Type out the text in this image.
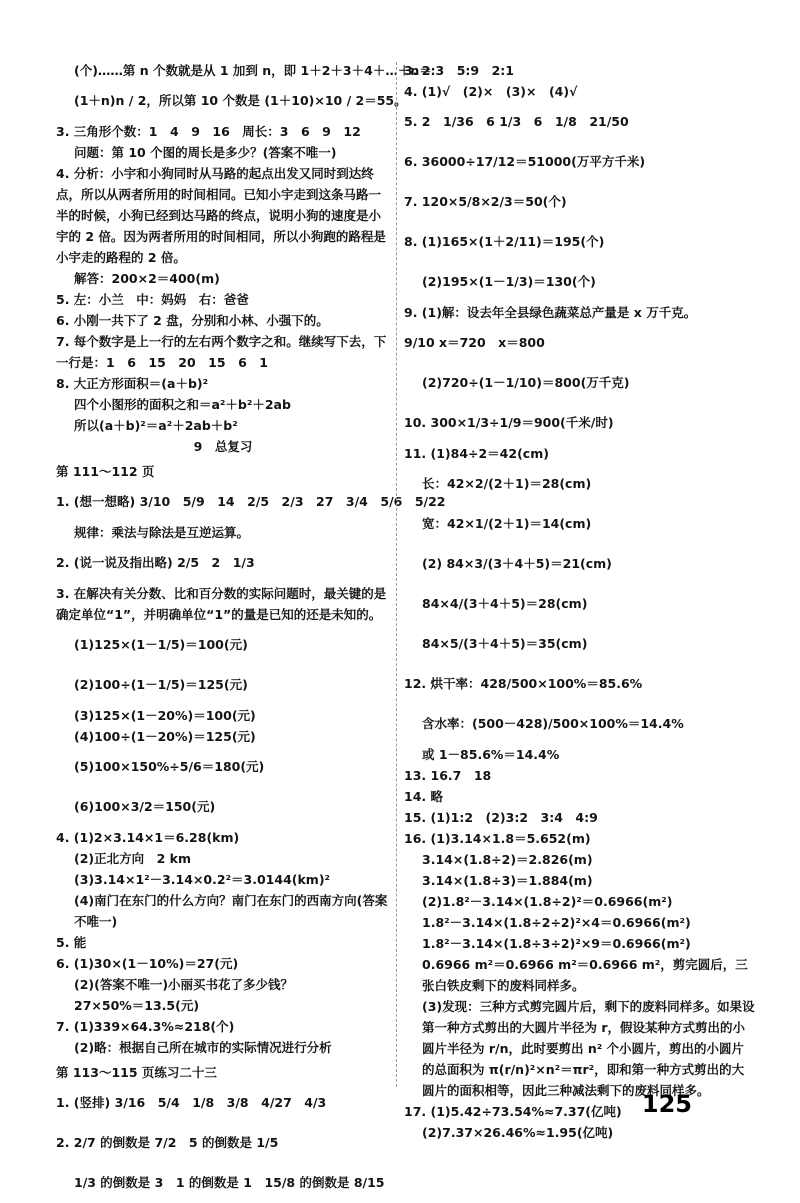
(个)……第 n 个数就是从 1 加到 n，即 1＋2＋3＋4＋…＋n＝
(1＋n)n / 2，所以第 10 个数是 (1＋10)×10 / 2＝55。
3. 三角形个数：1　4　9　16　周长：3　6　9　12
问题：第 10 个图的周长是多少？(答案不唯一)
4. 分析：小宇和小狗同时从马路的起点出发又同时到达终点，所以从两者所用的时间相同。已知小宇走到这条马路一半的时候，小狗已经到达马路的终点，说明小狗的速度是小宇的 2 倍。因为两者所用的时间相同，所以小狗跑的路程是小宇走的路程的 2 倍。
解答：200×2＝400(m)
5. 左：小兰　中：妈妈　右：爸爸
6. 小刚一共下了 2 盘，分别和小林、小强下的。
7. 每个数字是上一行的左右两个数字之和。继续写下去，下一行是：1　6　15　20　15　6　1
8. 大正方形面积＝(a＋b)²
四个小图形的面积之和＝a²＋b²＋2ab
所以(a＋b)²＝a²＋2ab＋b²
9　总复习
第 111～112 页
1. (想一想略) 3/10　5/9　14　2/5　2/3　27　3/4　5/6　5/22
规律：乘法与除法是互逆运算。
2. (说一说及指出略) 2/5　2　1/3
3. 在解决有关分数、比和百分数的实际问题时，最关键的是确定单位“1”，并明确单位“1”的量是已知的还是未知的。
(1)125×(1－1/5)＝100(元)
(2)100÷(1－1/5)＝125(元)
(3)125×(1－20%)＝100(元)
(4)100÷(1－20%)＝125(元)
(5)100×150%÷5/6＝180(元)
(6)100×3/2＝150(元)
4. (1)2×3.14×1＝6.28(km)
(2)正北方向　2 km
(3)3.14×1²－3.14×0.2²＝3.0144(km)²
(4)南门在东门的什么方向？南门在东门的西南方向(答案不唯一)
5. 能
6. (1)30×(1－10%)＝27(元)
(2)(答案不唯一)小丽买书花了多少钱？
27×50%＝13.5(元)
7. (1)339×64.3%≈218(个)
(2)略：根据自己所在城市的实际情况进行分析
第 113～115 页练习二十三
1. (竖排) 3/16　5/4　1/8　3/8　4/27　4/3
2. 2/7 的倒数是 7/2　5 的倒数是 1/5
1/3 的倒数是 3　1 的倒数是 1　15/8 的倒数是 8/15
3. 2:3　5:9　2:1
4. (1)√　(2)×　(3)×　(4)√
5. 2　1/36　6 1/3　6　1/8　21/50
6. 36000÷17/12＝51000(万平方千米)
7. 120×5/8×2/3＝50(个)
8. (1)165×(1＋2/11)＝195(个)
(2)195×(1－1/3)＝130(个)
9. (1)解：设去年全县绿色蔬菜总产量是 x 万千克。
9/10 x＝720　x＝800
(2)720÷(1－1/10)＝800(万千克)
10. 300×1/3÷1/9＝900(千米/时)
11. (1)84÷2＝42(cm)
长：42×2/(2＋1)＝28(cm)
宽：42×1/(2＋1)＝14(cm)
(2) 84×3/(3＋4＋5)＝21(cm)
84×4/(3＋4＋5)＝28(cm)
84×5/(3＋4＋5)＝35(cm)
12. 烘干率：428/500×100%＝85.6%
含水率：(500－428)/500×100%＝14.4%
或 1－85.6%＝14.4%
13. 16.7　18
14. 略
15. (1)1:2　(2)3:2　3:4　4:9
16. (1)3.14×1.8＝5.652(m)
3.14×(1.8÷2)＝2.826(m)
3.14×(1.8÷3)＝1.884(m)
(2)1.8²－3.14×(1.8÷2)²＝0.6966(m²)
1.8²－3.14×(1.8÷2÷2)²×4＝0.6966(m²)
1.8²－3.14×(1.8÷3÷2)²×9＝0.6966(m²)
0.6966 m²＝0.6966 m²＝0.6966 m²，剪完圆后，三张白铁皮剩下的废料同样多。
(3)发现：三种方式剪完圆片后，剩下的废料同样多。如果设第一种方式剪出的大圆片半径为 r，假设某种方式剪出的小圆片半径为 r/n，此时要剪出 n² 个小圆片，剪出的小圆片的总面积为 π(r/n)²×n²＝πr²，即和第一种方式剪出的大圆片的面积相等，因此三种减法剩下的废料同样多。
17. (1)5.42÷73.54%≈7.37(亿吨)
(2)7.37×26.46%≈1.95(亿吨)
125
